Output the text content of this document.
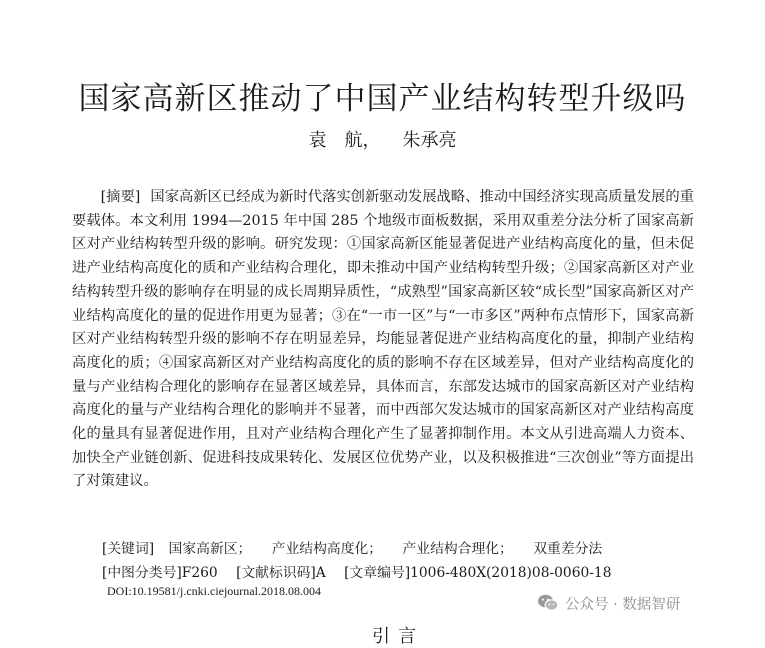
国家高新区推动了中国产业结构转型升级吗
袁　航， 朱承亮
[摘要] 国家高新区已经成为新时代落实创新驱动发展战略、推动中国经济实现高质量发展的重要载体。本文利用 1994—2015 年中国 285 个地级市面板数据，采用双重差分法分析了国家高新区对产业结构转型升级的影响。研究发现：①国家高新区能显著促进产业结构高度化的量，但未促进产业结构高度化的质和产业结构合理化，即未推动中国产业结构转型升级；②国家高新区对产业结构转型升级的影响存在明显的成长周期异质性，“成熟型”国家高新区较“成长型”国家高新区对产业结构高度化的量的促进作用更为显著；③在“一市一区”与“一市多区”两种布点情形下，国家高新区对产业结构转型升级的影响不存在明显差异，均能显著促进产业结构高度化的量，抑制产业结构高度化的质；④国家高新区对产业结构高度化的质的影响不存在区域差异，但对产业结构高度化的量与产业结构合理化的影响存在显著区域差异，具体而言，东部发达城市的国家高新区对产业结构高度化的量与产业结构合理化的影响并不显著，而中西部欠发达城市的国家高新区对产业结构高度化的量具有显著促进作用，且对产业结构合理化产生了显著抑制作用。本文从引进高端人力资本、加快全产业链创新、促进科技成果转化、发展区位优势产业，以及积极推进“三次创业”等方面提出了对策建议。
[关键词] 国家高新区； 产业结构高度化； 产业结构合理化； 双重差分法
[中图分类号]F260 [文献标识码]A [文章编号]1006-480X(2018)08-0060-18
DOI:10.19581/j.cnki.ciejournal.2018.08.004
引言
公众号 · 数据智研
